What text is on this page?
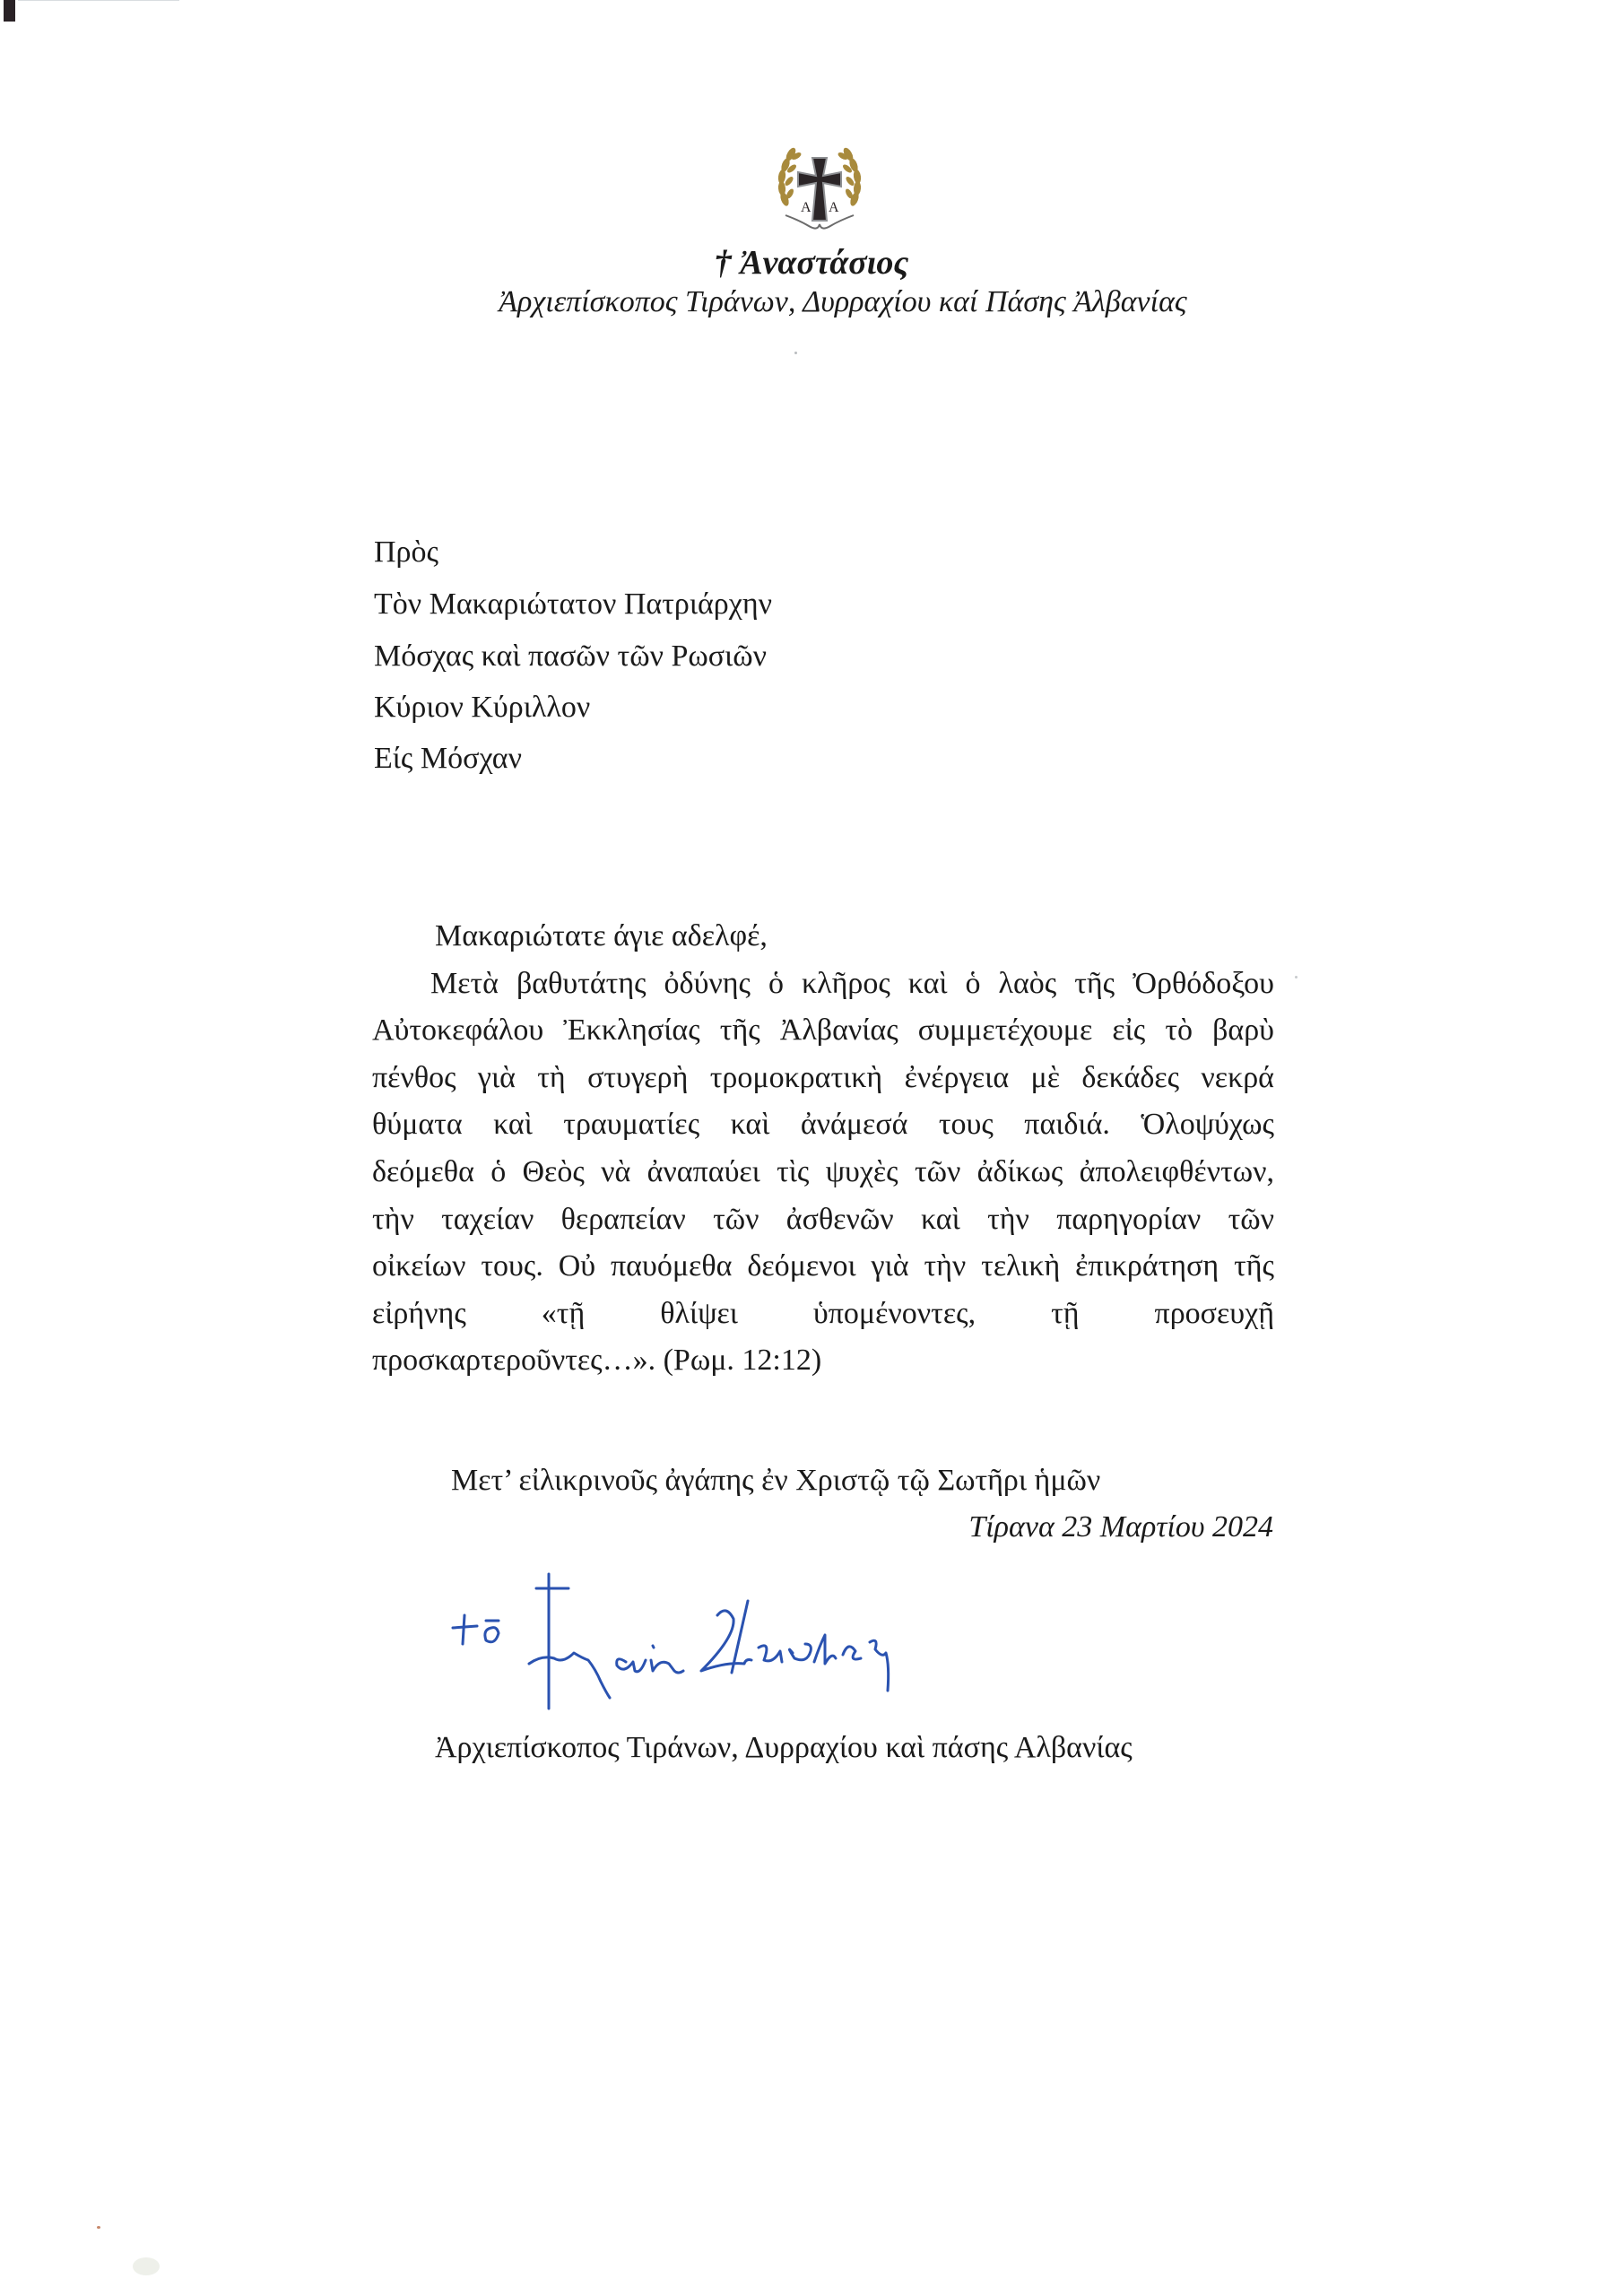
Α Α
† Ἀναστάσιος
Ἀρχιεπίσκοπος Τιράνων, Δυρραχίου καί Πάσης Ἀλβανίας
Πρὸς
Τὸν Μακαριώτατον Πατριάρχην
Μόσχας καὶ πασῶν τῶν Ρωσιῶν
Κύριον Κύριλλον
Είς Μόσχαν
Μακαριώτατε άγιε αδελφέ,
Μετὰ βαθυτάτης ὀδύνης ὁ κλῆρος καὶ ὁ λαὸς τῆς Ὀρθόδοξου
Αὐτοκεφάλου Ἐκκλησίας τῆς Ἀλβανίας συμμετέχουμε εἰς τὸ βαρὺ
πένθος γιὰ τὴ στυγερὴ τρομοκρατικὴ ἐνέργεια μὲ δεκάδες νεκρά
θύματα καὶ τραυματίες καὶ ἀνάμεσά τους παιδιά. Ὁλοψύχως
δεόμεθα ὁ Θεὸς νὰ ἀναπαύει τὶς ψυχὲς τῶν ἀδίκως ἀπολειφθέντων,
τὴν ταχείαν θεραπείαν τῶν ἀσθενῶν καὶ τὴν παρηγορίαν τῶν
οἰκείων τους. Οὐ παυόμεθα δεόμενοι γιὰ τὴν τελικὴ ἐπικράτηση τῆς
εἰρήνης «τῇ θλίψει ὑπομένοντες, τῇ προσευχῇ
προσκαρτεροῦντες…». (Ρωμ. 12:12)
Μετ’ εἰλικρινοῦς ἀγάπης ἐν Χριστῷ τῷ Σωτῆρι ἡμῶν
Τίρανα 23 Μαρτίου 2024
Ἀρχιεπίσκοπος Τιράνων, Δυρραχίου καὶ πάσης Αλβανίας
